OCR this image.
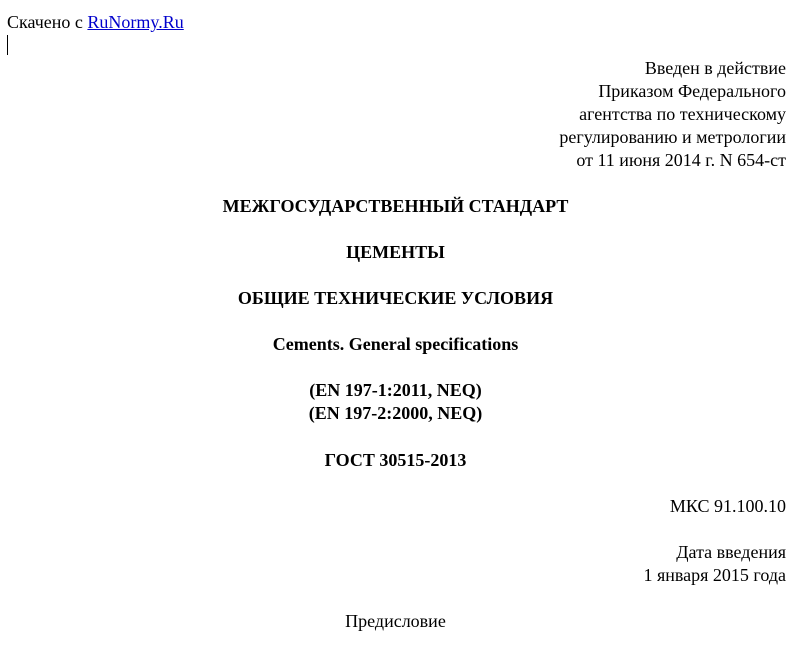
Скачено с RuNormy.Ru
Введен в действие
Приказом Федерального
агентства по техническому
регулированию и метрологии
от 11 июня 2014 г. N 654-ст
МЕЖГОСУДАРСТВЕННЫЙ СТАНДАРТ
ЦЕМЕНТЫ
ОБЩИЕ ТЕХНИЧЕСКИЕ УСЛОВИЯ
Cements. General specifications
(EN 197-1:2011, NEQ)
(EN 197-2:2000, NEQ)
ГОСТ 30515-2013
МКС 91.100.10
Дата введения
1 января 2015 года
Предисловие
